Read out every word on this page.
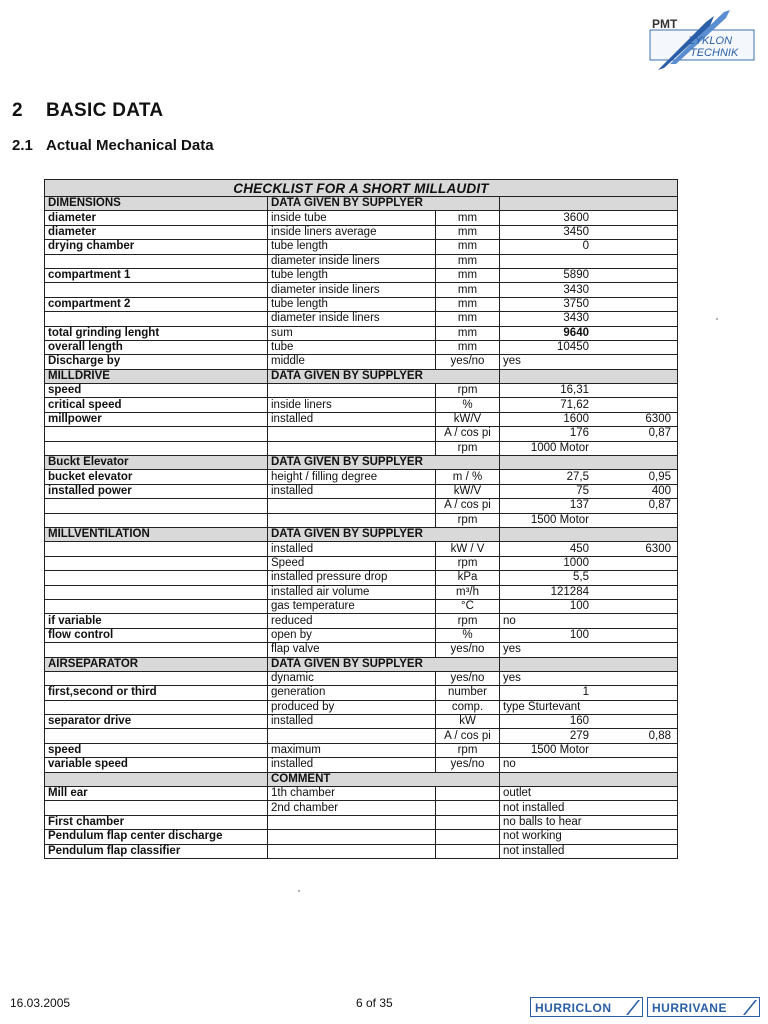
PMT
ZYKLON
TECHNIK
2 BASIC DATA
2.1 Actual Mechanical Data
CHECKLIST FOR A SHORT MILLAUDIT			
DIMENSIONS	DATA GIVEN BY SUPPLYER		
diameter	inside tube	mm	3600

diameter	inside liners average	mm	3450

drying chamber	tube length	mm	0

	diameter inside liners	mm	

compartment 1	tube length	mm	5890

	diameter inside liners	mm	3430

compartment 2	tube length	mm	3750

	diameter inside liners	mm	3430

total grinding lenght	sum	mm	9640

overall length	tube	mm	10450

Discharge by	middle	yes/no	yes
MILLDRIVE	DATA GIVEN BY SUPPLYER		
speed		rpm	16,31

critical speed	inside liners	%	71,62

millpower	installed	kW/V	1600 6300

		A / cos pi	176 0,87

		rpm	1000 Motor

Buckt Elevator	DATA GIVEN BY SUPPLYER		
bucket elevator	height / filling degree	m / %	27,5 0,95

installed power	installed	kW/V	75 400

		A / cos pi	137 0,87

		rpm	1500 Motor

MILLVENTILATION	DATA GIVEN BY SUPPLYER		
	installed	kW / V	450 6300

	Speed	rpm	1000

	installed pressure drop	kPa	5,5

	installed air volume	m³/h	121284

	gas temperature	°C	100

if variable	reduced	rpm	no
flow control	open by	%	100

	flap valve	yes/no	yes
AIRSEPARATOR	DATA GIVEN BY SUPPLYER		
	dynamic	yes/no	yes
first,second or third	generation	number	1

	produced by	comp.	type Sturtevant
separator drive	installed	kW	160

		A / cos pi	279 0,88

speed	maximum	rpm	1500 Motor

variable speed	installed	yes/no	no
	COMMENT		
Mill ear	1th chamber		outlet
	2nd chamber		not installed
First chamber			no balls to hear
Pendulum flap center discharge			not working
Pendulum flap classifier			not installed
16.03.2005	6 of 35	HURRICLON	HURRIVANE
